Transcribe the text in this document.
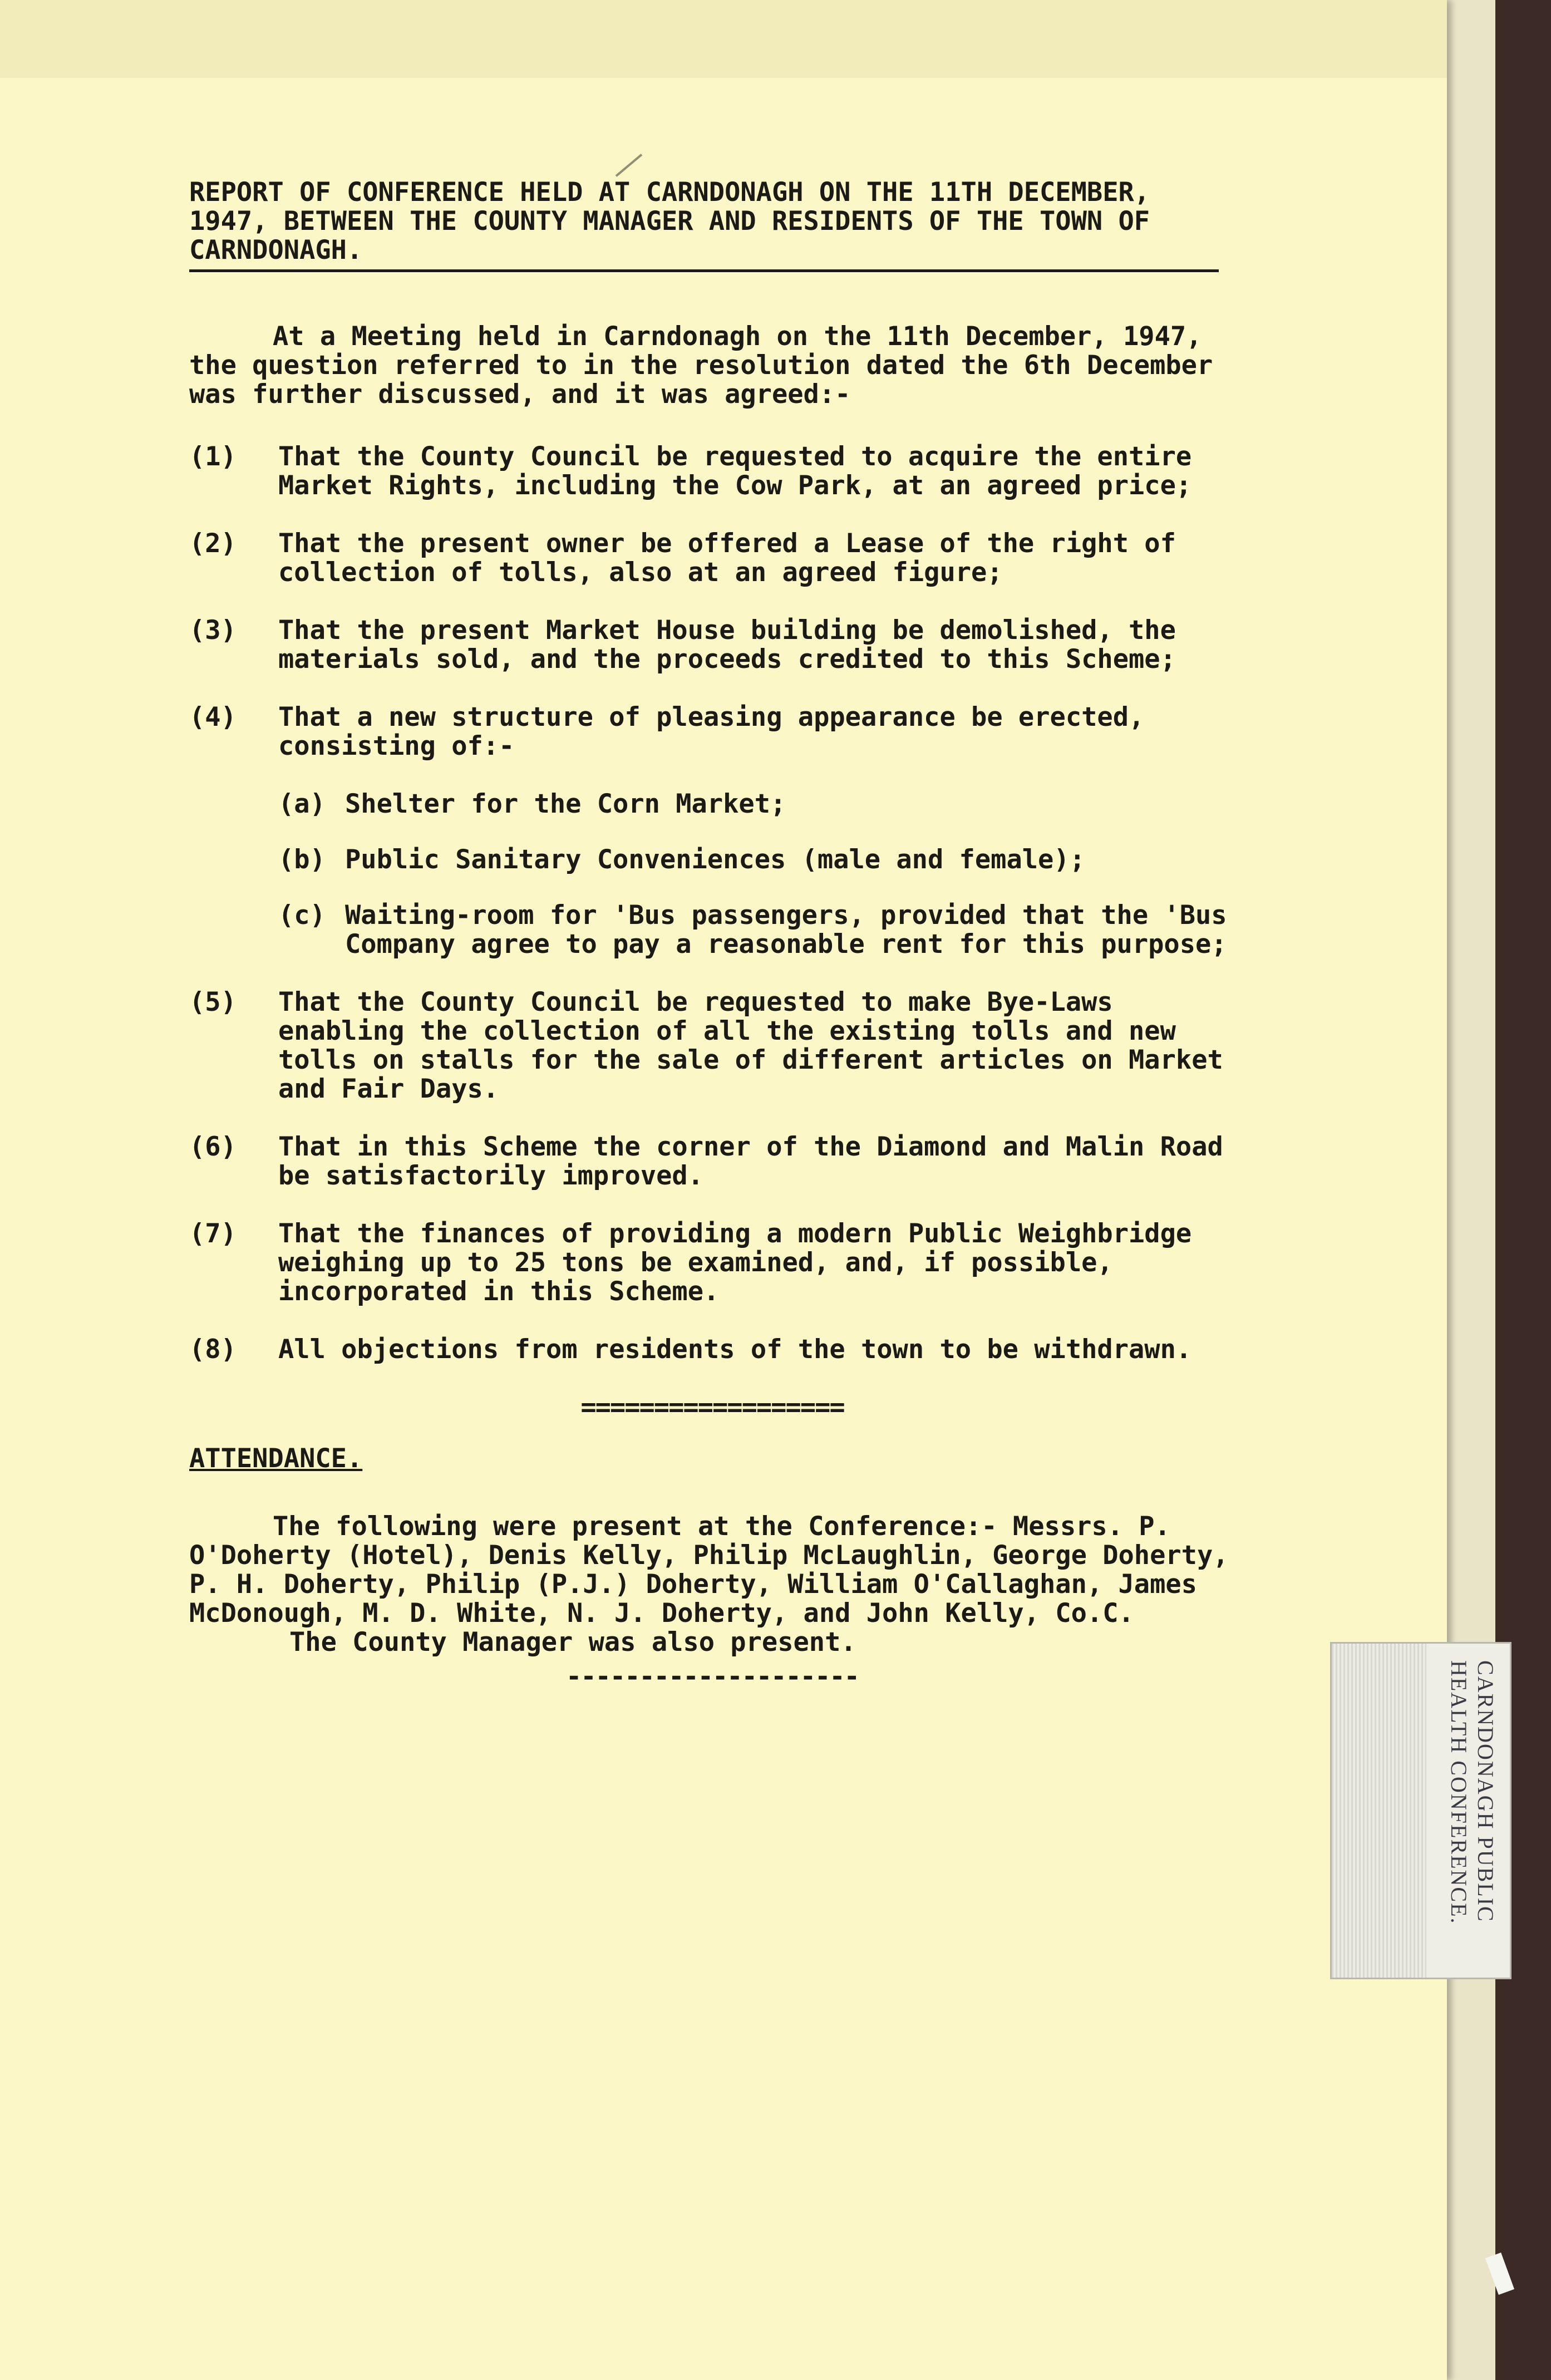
REPORT OF CONFERENCE HELD AT CARNDONAGH ON THE 11TH DECEMBER, 1947, BETWEEN THE COUNTY MANAGER AND RESIDENTS OF THE TOWN OF CARNDONAGH.

At a Meeting held in Carndonagh on the 11th December, 1947, the question referred to in the resolution dated the 6th December was further discussed, and it was agreed:-

(1) That the County Council be requested to acquire the entire Market Rights, including the Cow Park, at an agreed price;
(2) That the present owner be offered a Lease of the right of collection of tolls, also at an agreed figure;
(3) That the present Market House building be demolished, the materials sold, and the proceeds credited to this Scheme;
(4) That a new structure of pleasing appearance be erected, consisting of:-
(a) Shelter for the Corn Market;
(b) Public Sanitary Conveniences (male and female);
(c) Waiting-room for 'Bus passengers, provided that the 'Bus Company agree to pay a reasonable rent for this purpose;
(5) That the County Council be requested to make Bye-Laws enabling the collection of all the existing tolls and new tolls on stalls for the sale of different articles on Market and Fair Days.
(6) That in this Scheme the corner of the Diamond and Malin Road be satisfactorily improved.
(7) That the finances of providing a modern Public Weighbridge weighing up to 25 tons be examined, and, if possible, incorporated in this Scheme.
(8) All objections from residents of the town to be withdrawn.
==================

ATTENDANCE.

The following were present at the Conference:- Messrs. P. O'Doherty (Hotel), Denis Kelly, Philip McLaughlin, George Doherty, P. H. Doherty, Philip (P.J.) Doherty, William O'Callaghan, James McDonough, M. D. White, N. J. Doherty, and John Kelly, Co.C.

The County Manager was also present.

--------------------	CARNDONAGH PUBLIC
HEALTH CONFERENCE.
